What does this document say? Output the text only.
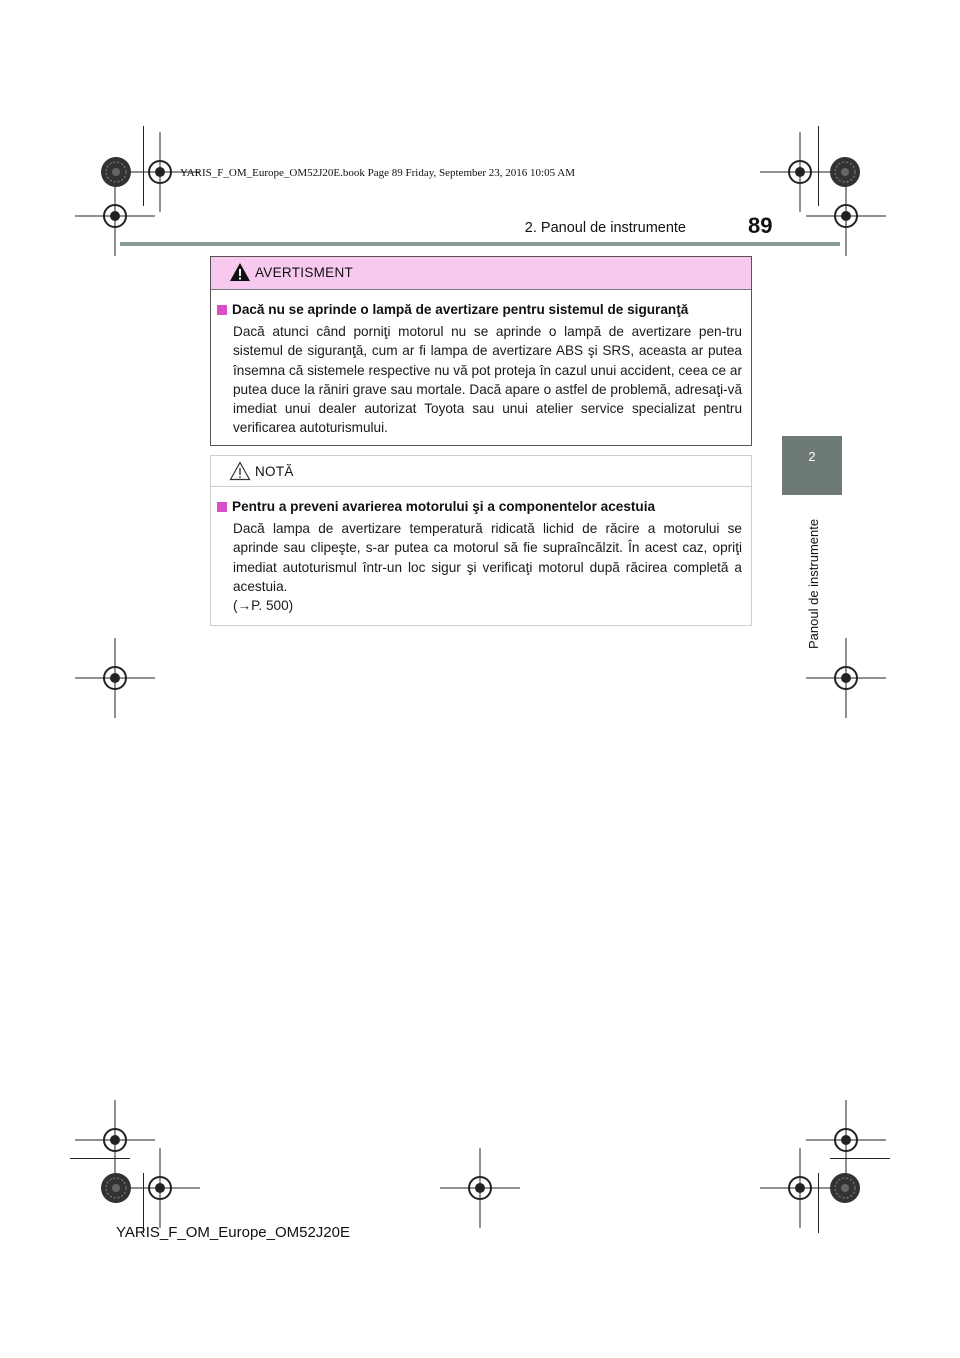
YARIS_F_OM_Europe_OM52J20E.book Page 89 Friday, September 23, 2016 10:05 AM
2. Panoul de instrumente	89
2
Panoul de instrumente
AVERTISMENT
Dacă nu se aprinde o lampă de avertizare pentru sistemul de siguranţă

Dacă atunci când porniţi motorul nu se aprinde o lampă de avertizare pen-tru sistemul de siguranţă, cum ar fi lampa de avertizare ABS şi SRS, aceasta ar putea însemna că sistemele respective nu vă pot proteja în cazul unui accident, ceea ce ar putea duce la răniri grave sau mortale. Dacă apare o astfel de problemă, adresaţi-vă imediat unui dealer autorizat Toyota sau unui atelier service specializat pentru verificarea autoturismului.

NOTĂ
Pentru a preveni avarierea motorului şi a componentelor acestuia

Dacă lampa de avertizare temperatură ridicată lichid de răcire a motorului se aprinde sau clipeşte, s-ar putea ca motorul să fie supraîncălzit. În acest caz, opriţi imediat autoturismul într-un loc sigur şi verificaţi motorul după răcirea completă a acestuia.

(→P. 500)

YARIS_F_OM_Europe_OM52J20E
